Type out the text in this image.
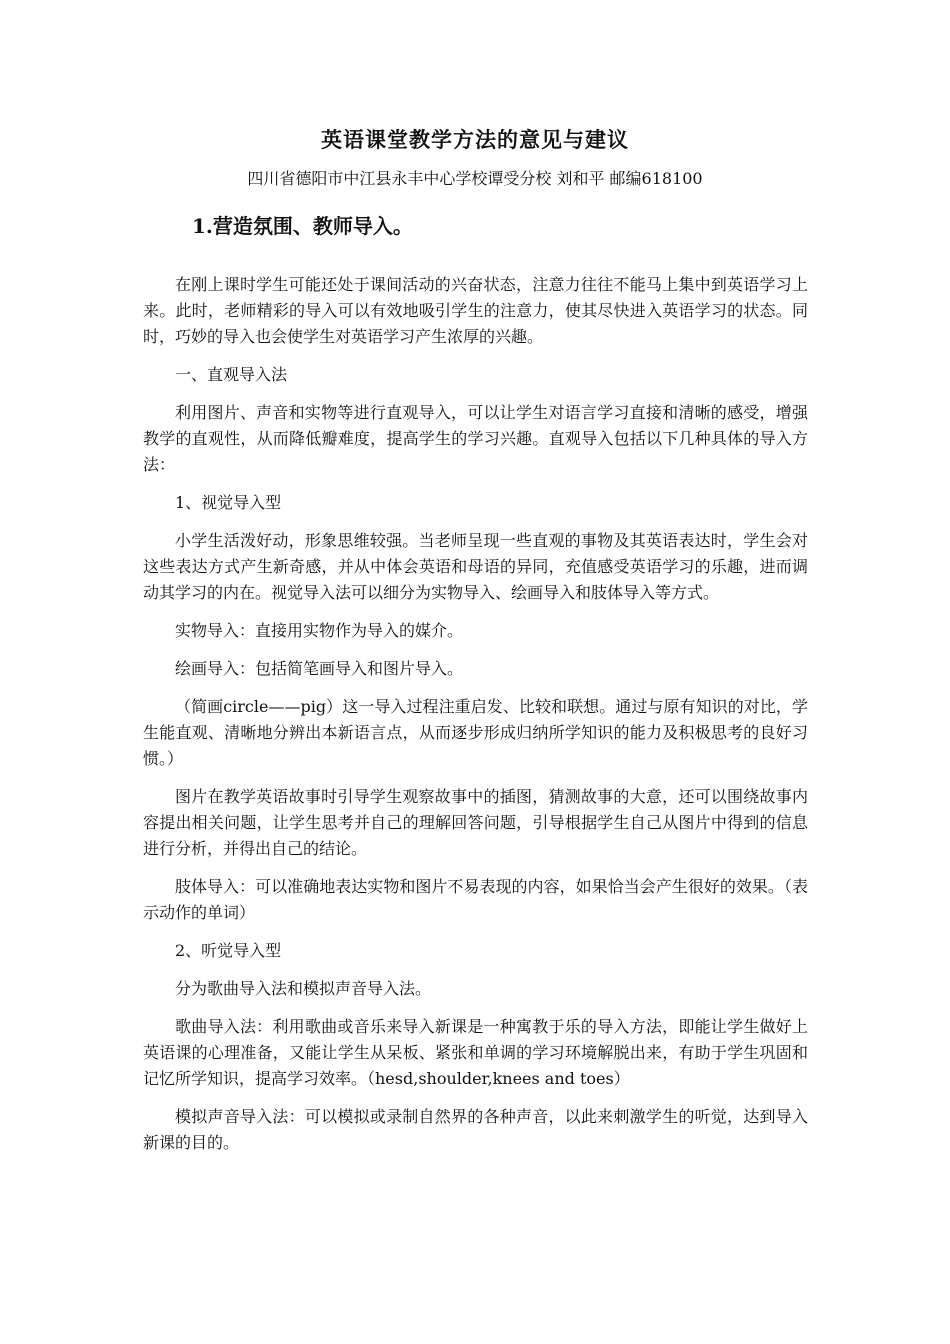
英语课堂教学方法的意见与建议
四川省德阳市中江县永丰中心学校谭受分校 刘和平 邮编618100
1.营造氛围、教师导入。

在刚上课时学生可能还处于课间活动的兴奋状态，注意力往往不能马上集中到英语学习上来。此时，老师精彩的导入可以有效地吸引学生的注意力，使其尽快进入英语学习的状态。同时，巧妙的导入也会使学生对英语学习产生浓厚的兴趣。

一、直观导入法

利用图片、声音和实物等进行直观导入，可以让学生对语言学习直接和清晰的感受，增强教学的直观性，从而降低瓣难度，提高学生的学习兴趣。直观导入包括以下几种具体的导入方法：

1、视觉导入型

小学生活泼好动，形象思维较强。当老师呈现一些直观的事物及其英语表达时，学生会对这些表达方式产生新奇感，并从中体会英语和母语的异同，充值感受英语学习的乐趣，进而调动其学习的内在。视觉导入法可以细分为实物导入、绘画导入和肢体导入等方式。

实物导入：直接用实物作为导入的媒介。

绘画导入：包括简笔画导入和图片导入。

（简画circle——pig）这一导入过程注重启发、比较和联想。通过与原有知识的对比，学生能直观、清晰地分辨出本新语言点，从而逐步形成归纳所学知识的能力及积极思考的良好习惯。）

图片在教学英语故事时引导学生观察故事中的插图，猜测故事的大意，还可以围绕故事内容提出相关问题，让学生思考并自己的理解回答问题，引导根据学生自己从图片中得到的信息进行分析，并得出自己的结论。

肢体导入：可以准确地表达实物和图片不易表现的内容，如果恰当会产生很好的效果。（表示动作的单词）

2、听觉导入型

分为歌曲导入法和模拟声音导入法。

歌曲导入法：利用歌曲或音乐来导入新课是一种寓教于乐的导入方法，即能让学生做好上英语课的心理准备，又能让学生从呆板、紧张和单调的学习环境解脱出来，有助于学生巩固和记忆所学知识，提高学习效率。（hesd,shoulder,knees and toes）

模拟声音导入法：可以模拟或录制自然界的各种声音，以此来刺激学生的听觉，达到导入新课的目的。
